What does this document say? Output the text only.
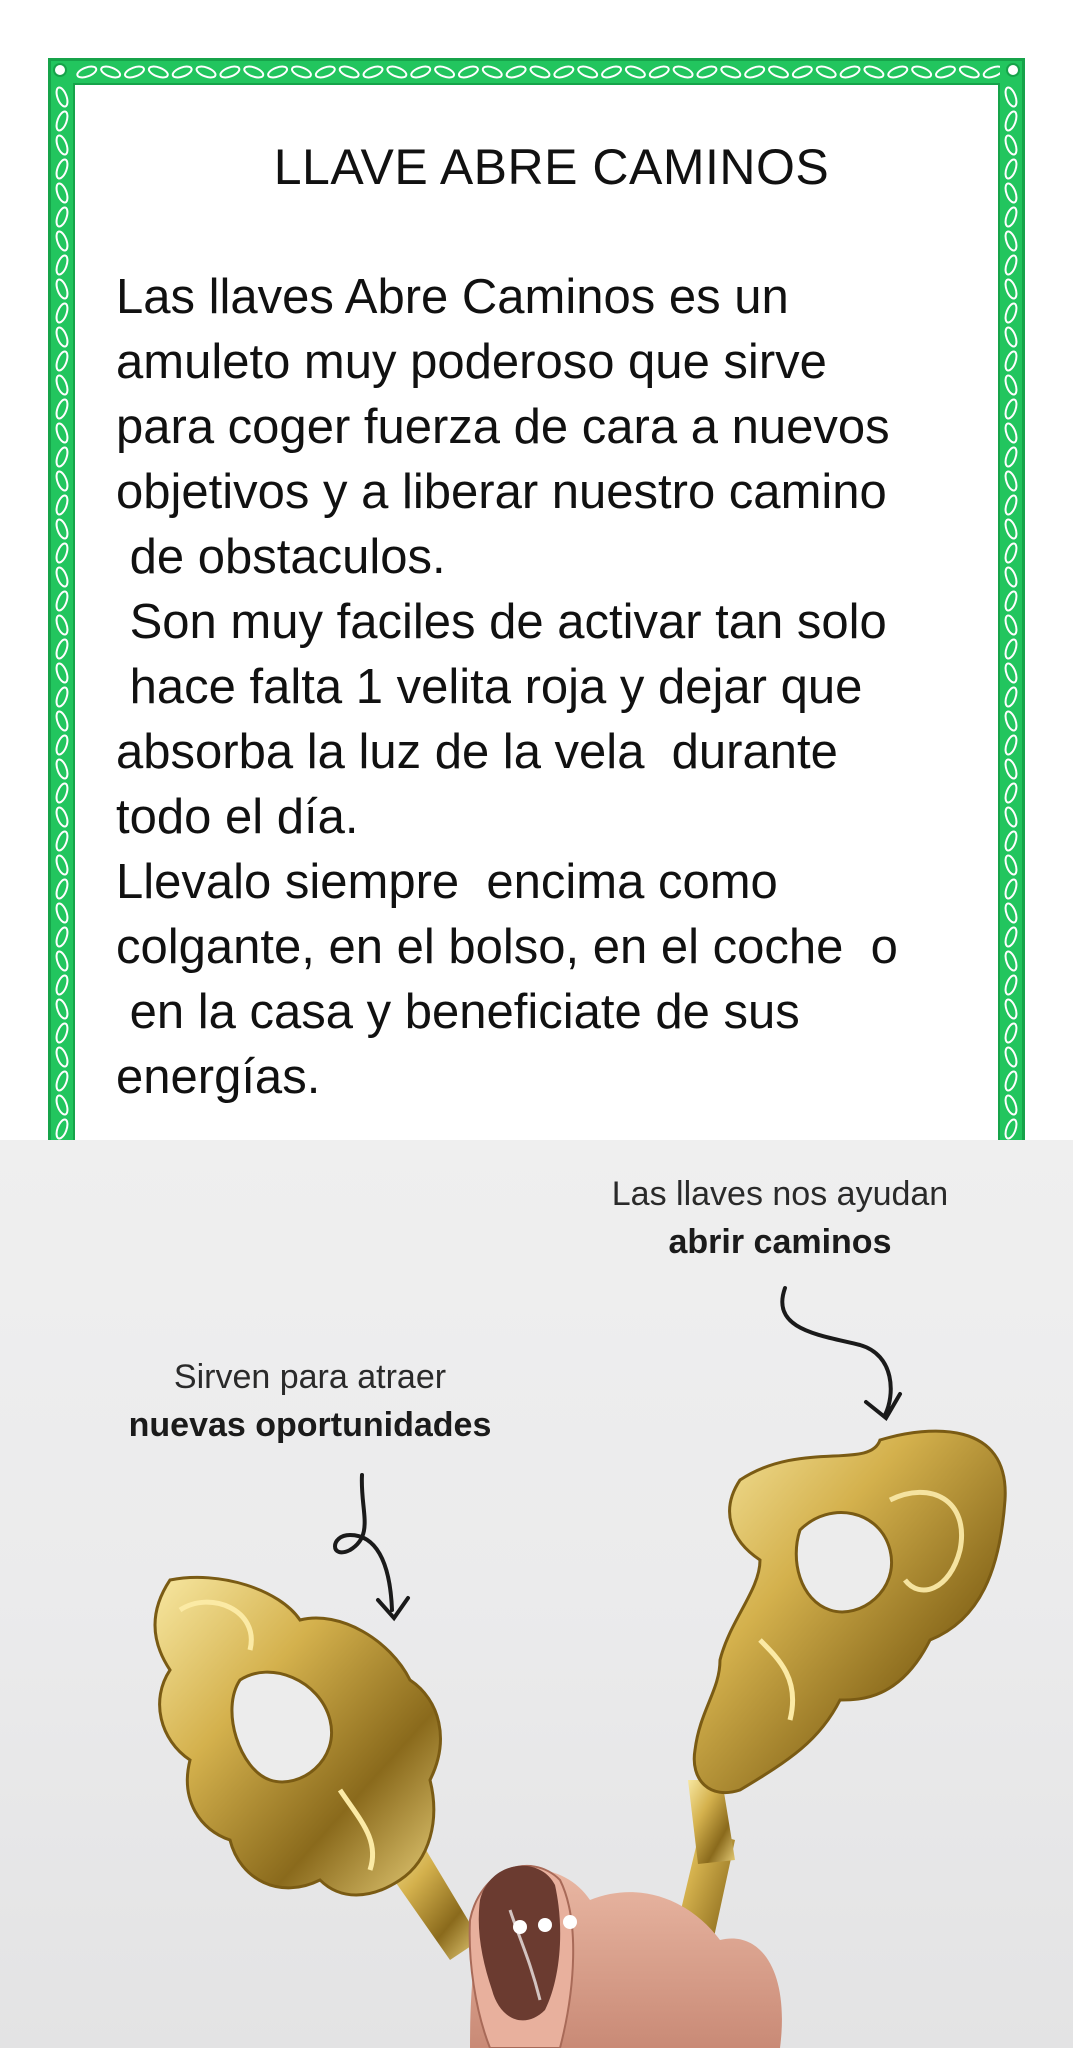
LLAVE ABRE CAMINOS
Las llaves Abre Caminos es un
amuleto muy poderoso que sirve
para coger fuerza de cara a nuevos
objetivos y a liberar nuestro camino
de obstaculos.
Son muy faciles de activar tan solo
hace falta 1 velita roja y dejar que
absorba la luz de la vela  durante
todo el día.
Llevalo siempre  encima como
colgante, en el bolso, en el coche  o
en la casa y beneficiate de sus
energías.
Las llaves nos ayudan
abrir caminos
Sirven para atraer
nuevas oportunidades
